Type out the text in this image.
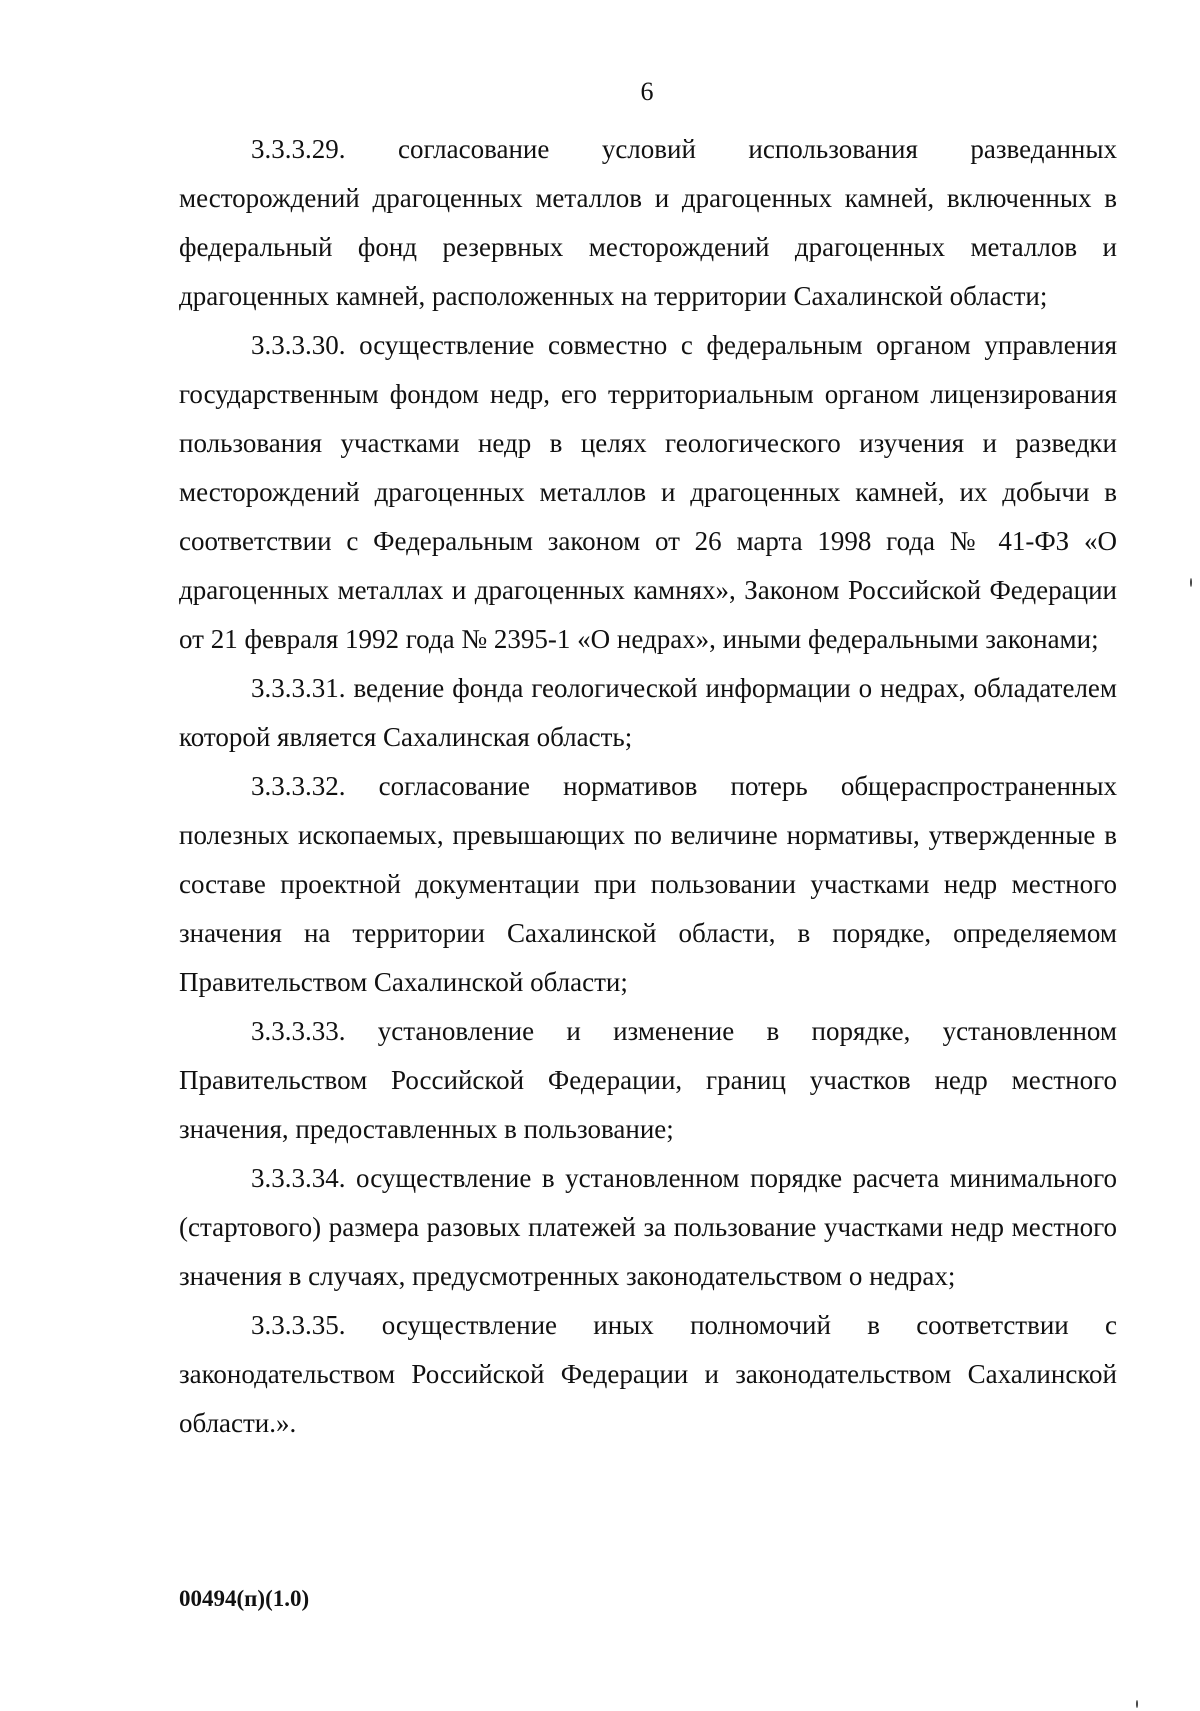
6

3.3.3.29. согласование условий использования разведанных месторождений драгоценных металлов и драгоценных камней, включенных в федеральный фонд резервных месторождений драгоценных металлов и драгоценных камней, расположенных на территории Сахалинской области;

3.3.3.30. осуществление совместно с федеральным органом управления государственным фондом недр, его территориальным органом лицензирования пользования участками недр в целях геологического изучения и разведки месторождений драгоценных металлов и драгоценных камней, их добычи в соответствии с Федеральным законом от 26 марта 1998 года № 41-ФЗ «О драгоценных металлах и драгоценных камнях», Законом Российской Федерации от 21 февраля 1992 года № 2395-1 «О недрах», иными федеральными законами;

3.3.3.31. ведение фонда геологической информации о недрах, обладателем которой является Сахалинская область;

3.3.3.32. согласование нормативов потерь общераспространенных полезных ископаемых, превышающих по величине нормативы, утвержденные в составе проектной документации при пользовании участками недр местного значения на территории Сахалинской области, в порядке, определяемом Правительством Сахалинской области;

3.3.3.33. установление и изменение в порядке, установленном Правительством Российской Федерации, границ участков недр местного значения, предоставленных в пользование;

3.3.3.34. осуществление в установленном порядке расчета минимального (стартового) размера разовых платежей за пользование участками недр местного значения в случаях, предусмотренных законодательством о недрах;

3.3.3.35. осуществление иных полномочий в соответствии с законодательством Российской Федерации и законодательством Сахалинской области.».

00494(п)(1.0)
